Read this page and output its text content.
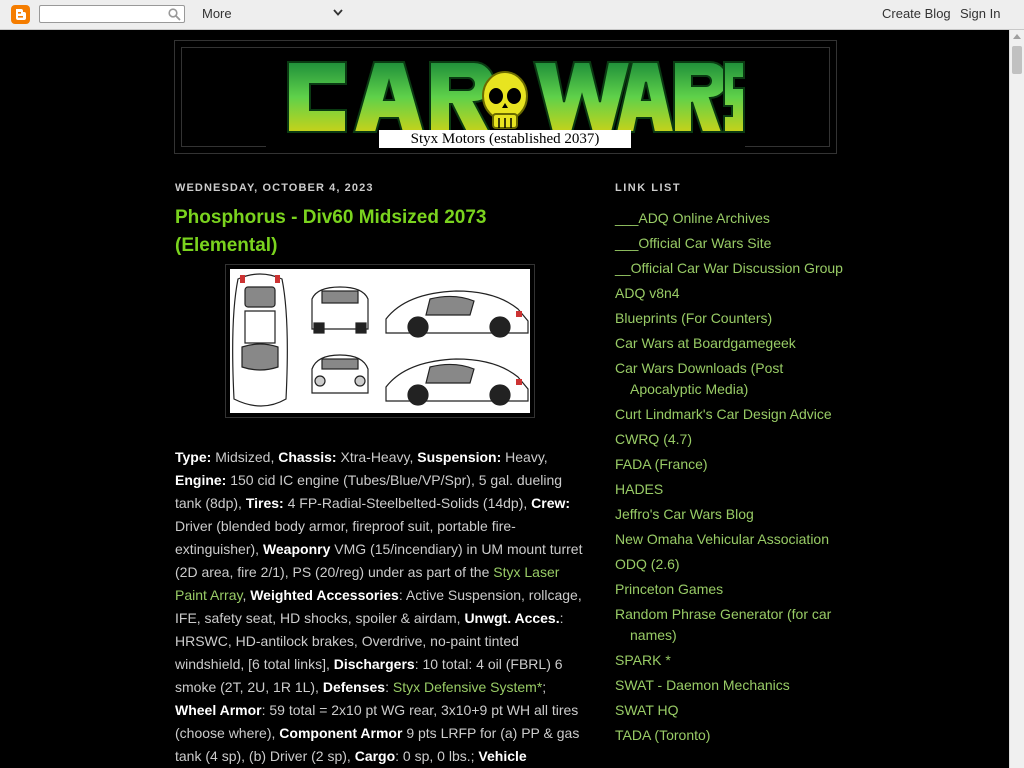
More	Create Blog Sign In
Styx Motors (established 2037)
WEDNESDAY, OCTOBER 4, 2023
Phosphorus - Div60 Midsized 2073 (Elemental)
Type: Midsized, Chassis: Xtra-Heavy, Suspension: Heavy, Engine: 150 cid IC engine (Tubes/Blue/VP/Spr), 5 gal. dueling tank (8dp), Tires: 4 FP-Radial-Steelbelted-Solids (14dp), Crew: Driver (blended body armor, fireproof suit, portable fire-extinguisher), Weaponry VMG (15/incendiary) in UM mount turret (2D area, fire 2/1), PS (20/reg) under as part of the Styx Laser Paint Array, Weighted Accessories: Active Suspension, rollcage, IFE, safety seat, HD shocks, spoiler & airdam, Unwgt. Acces.: HRSWC, HD-antilock brakes, Overdrive, no-paint tinted windshield, [6 total links], Dischargers: 10 total: 4 oil (FBRL) 6 smoke (2T, 2U, 1R 1L), Defenses: Styx Defensive System*; Wheel Armor: 59 total = 2x10 pt WG rear, 3x10+9 pt WH all tires (choose where), Component Armor 9 pts LRFP for (a) PP & gas tank (4 sp), (b) Driver (2 sp), Cargo: 0 sp, 0 lbs.; Vehicle
LINK LIST
___ADQ Online Archives
___Official Car Wars Site
__Official Car War Discussion Group
ADQ v8n4
Blueprints (For Counters)
Car Wars at Boardgamegeek
Car Wars Downloads (Post Apocalyptic Media)
Curt Lindmark's Car Design Advice
CWRQ (4.7)
FADA (France)
HADES
Jeffro's Car Wars Blog
New Omaha Vehicular Association
ODQ (2.6)
Princeton Games
Random Phrase Generator (for car names)
SPARK *
SWAT - Daemon Mechanics
SWAT HQ
TADA (Toronto)
